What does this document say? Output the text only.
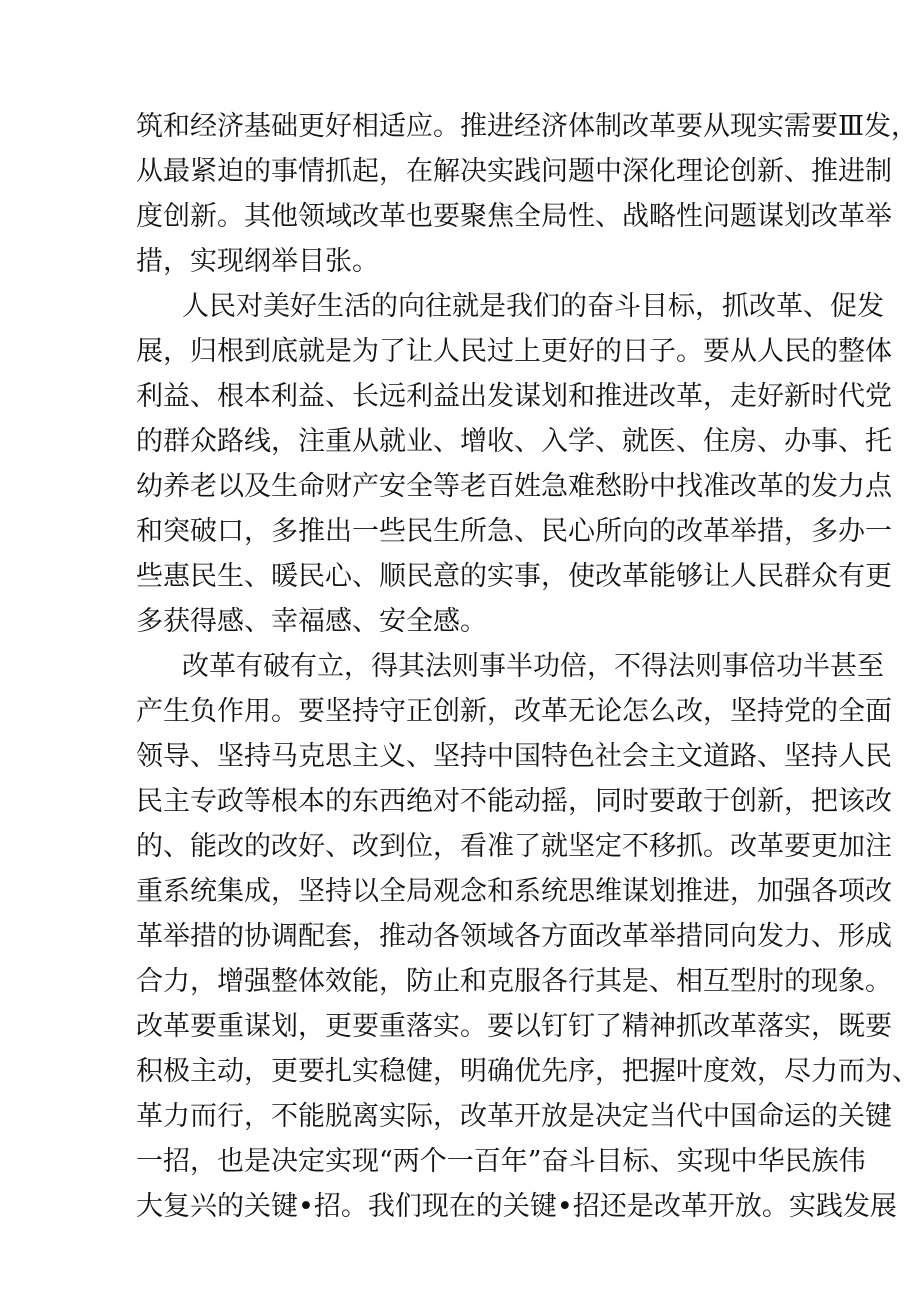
筑和经济基础更好相适应。推进经济体制改革要从现实需要Ⅲ发，
从最紧迫的事情抓起，在解决实践问题中深化理论创新、推进制
度创新。其他领域改革也要聚焦全局性、战略性问题谋划改革举
措，实现纲举目张。
人民对美好生活的向往就是我们的奋斗目标，抓改革、促发
展，归根到底就是为了让人民过上更好的日子。要从人民的整体
利益、根本利益、长远利益出发谋划和推进改革，走好新时代党
的群众路线，注重从就业、增收、入学、就医、住房、办事、托
幼养老以及生命财产安全等老百姓急难愁盼中找准改革的发力点
和突破口，多推出一些民生所急、民心所向的改革举措，多办一
些惠民生、暖民心、顺民意的实事，使改革能够让人民群众有更
多获得感、幸福感、安全感。
改革有破有立，得其法则事半功倍，不得法则事倍功半甚至
产生负作用。要坚持守正创新，改革无论怎么改，坚持党的全面
领导、坚持马克思主义、坚持中国特色社会主文道路、坚持人民
民主专政等根本的东西绝对不能动摇，同时要敢于创新，把该改
的、能改的改好、改到位，看准了就坚定不移抓。改革要更加注
重系统集成，坚持以全局观念和系统思维谋划推进，加强各项改
革举措的协调配套，推动各领域各方面改革举措同向发力、形成
合力，增强整体效能，防止和克服各行其是、相互型肘的现象。
改革要重谋划，更要重落实。要以钉钉了精神抓改革落实，既要
积极主动，更要扎实稳健，明确优先序，把握叶度效，尽力而为、
革力而行，不能脱离实际，改革开放是决定当代中国命运的关键
一招，也是决定实现“两个一百年”奋斗目标、实现中华民族伟
大复兴的关键•招。我们现在的关键•招还是改革开放。实践发展
